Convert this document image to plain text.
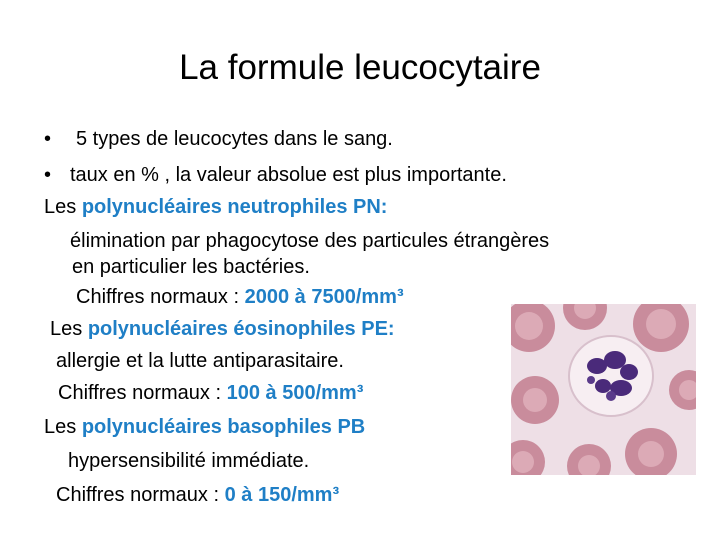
La formule leucocytaire
• 5 types de leucocytes dans le sang.
• taux en % , la valeur absolue est plus importante.
Les polynucléaires neutrophiles PN:
élimination par phagocytose des particules étrangères
en particulier les bactéries.
Chiffres normaux : 2000 à 7500/mm³
Les polynucléaires éosinophiles PE:
allergie et la lutte antiparasitaire.
Chiffres normaux : 100 à 500/mm³
Les polynucléaires basophiles PB
hypersensibilité immédiate.
Chiffres normaux : 0 à 150/mm³
